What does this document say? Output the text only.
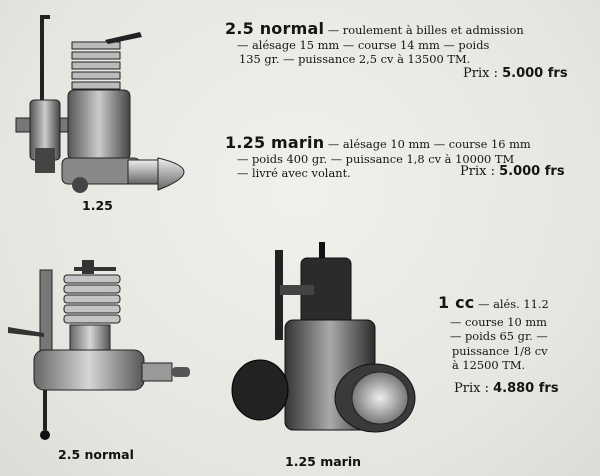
1.25
2.5 normal	1.25 marin
2.5 normal — roulement à billes et admission
— alésage 15 mm — course 14 mm — poids
135 gr. — puissance 2,5 cv à 13500 TM.
Prix : 5.000 frs
1.25 marin — alésage 10 mm — course 16 mm
— poids 400 gr. — puissance 1,8 cv à 10000 TM
— livré avec volant.	Prix : 5.000 frs
1 cc — alés. 11.2
— course 10 mm
— poids 65 gr. —
puissance 1/8 cv
à 12500 TM.
Prix : 4.880 frs
